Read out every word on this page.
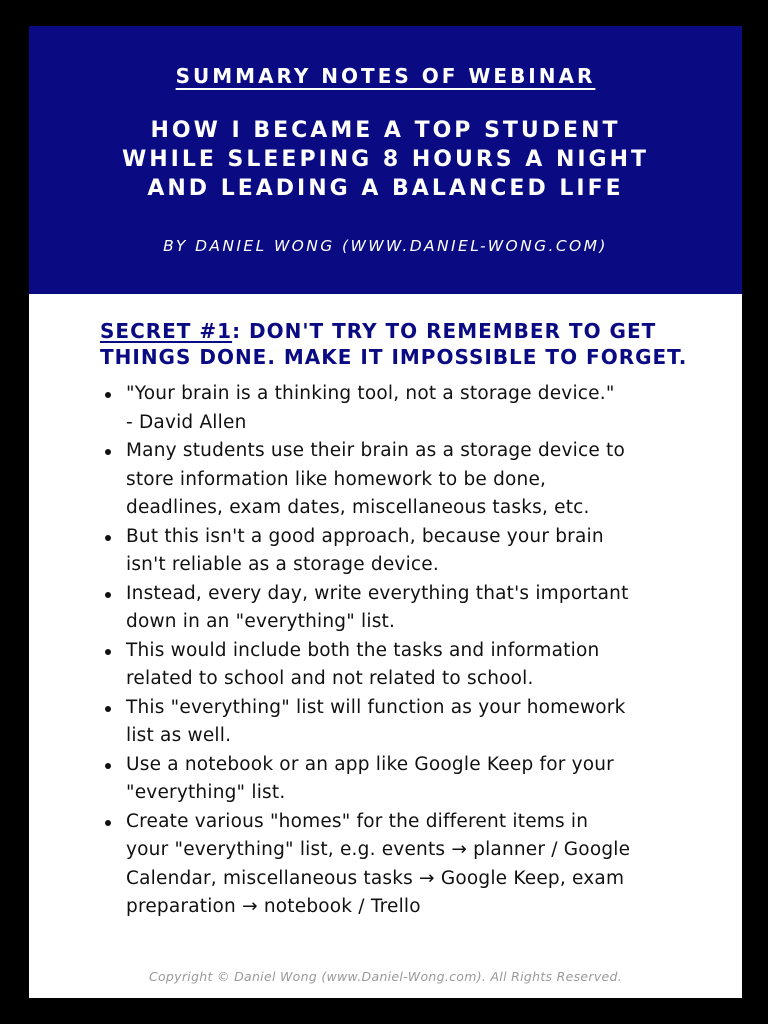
SUMMARY NOTES OF WEBINAR
HOW I BECAME A TOP STUDENT
WHILE SLEEPING 8 HOURS A NIGHT
AND LEADING A BALANCED LIFE
BY DANIEL WONG (WWW.DANIEL-WONG.COM)
SECRET #1: DON'T TRY TO REMEMBER TO GET THINGS DONE. MAKE IT IMPOSSIBLE TO FORGET.
"Your brain is a thinking tool, not a storage device."
- David Allen
Many students use their brain as a storage device to
store information like homework to be done,
deadlines, exam dates, miscellaneous tasks, etc.
But this isn't a good approach, because your brain
isn't reliable as a storage device.
Instead, every day, write everything that's important
down in an "everything" list.
This would include both the tasks and information
related to school and not related to school.
This "everything" list will function as your homework
list as well.
Use a notebook or an app like Google Keep for your
"everything" list.
Create various "homes" for the different items in
your "everything" list, e.g. events → planner / Google
Calendar, miscellaneous tasks → Google Keep, exam
preparation → notebook / Trello
Copyright © Daniel Wong (www.Daniel-Wong.com). All Rights Reserved.
